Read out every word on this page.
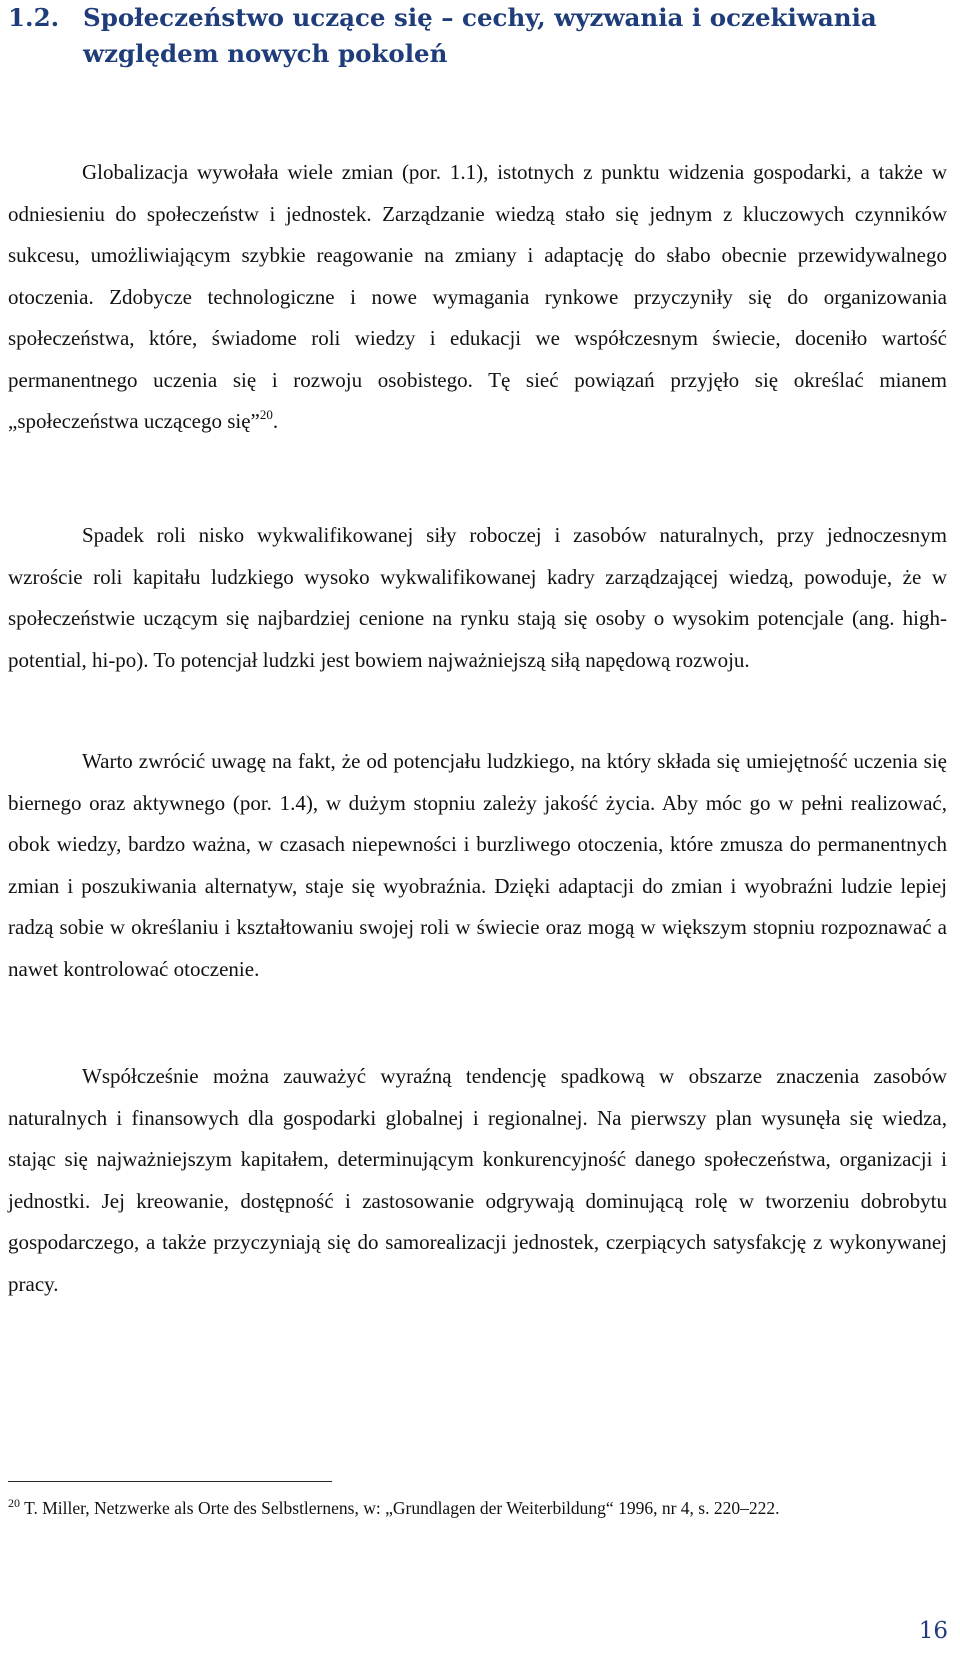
1.2. Społeczeństwo uczące się – cechy, wyzwania i oczekiwania
względem nowych pokoleń

Globalizacja wywołała wiele zmian (por. 1.1), istotnych z punktu widzenia gospodarki, a także w odniesieniu do społeczeństw i jednostek. Zarządzanie wiedzą stało się jednym z kluczowych czynników sukcesu, umożliwiającym szybkie reagowanie na zmiany i adaptację do słabo obecnie przewidywalnego otoczenia. Zdobycze technologiczne i nowe wymagania rynkowe przyczyniły się do organizowania społeczeństwa, które, świadome roli wiedzy i edukacji we współczesnym świecie, doceniło wartość permanentnego uczenia się i rozwoju osobistego. Tę sieć powiązań przyjęło się określać mianem „społeczeństwa uczącego się”$^{20}$.

Spadek roli nisko wykwalifikowanej siły roboczej i zasobów naturalnych, przy jednoczesnym wzroście roli kapitału ludzkiego wysoko wykwalifikowanej kadry zarządzającej wiedzą, powoduje, że w społeczeństwie uczącym się najbardziej cenione na rynku stają się osoby o wysokim potencjale (ang. high-potential, hi-po). To potencjał ludzki jest bowiem najważniejszą siłą napędową rozwoju.

Warto zwrócić uwagę na fakt, że od potencjału ludzkiego, na który składa się umiejętność uczenia się biernego oraz aktywnego (por. 1.4), w dużym stopniu zależy jakość życia. Aby móc go w pełni realizować, obok wiedzy, bardzo ważna, w czasach niepewności i burzliwego otoczenia, które zmusza do permanentnych zmian i poszukiwania alternatyw, staje się wyobraźnia. Dzięki adaptacji do zmian i wyobraźni ludzie lepiej radzą sobie w określaniu i kształtowaniu swojej roli w świecie oraz mogą w większym stopniu rozpoznawać a nawet kontrolować otoczenie.

Współcześnie można zauważyć wyraźną tendencję spadkową w obszarze znaczenia zasobów naturalnych i finansowych dla gospodarki globalnej i regionalnej. Na pierwszy plan wysunęła się wiedza, stając się najważniejszym kapitałem, determinującym konkurencyjność danego społeczeństwa, organizacji i jednostki. Jej kreowanie, dostępność i zastosowanie odgrywają dominującą rolę w tworzeniu dobrobytu gospodarczego, a także przyczyniają się do samorealizacji jednostek, czerpiących satysfakcję z wykonywanej pracy.

$^{20}$ T. Miller, Netzwerke als Orte des Selbstlernens, w: „Grundlagen der Weiterbildung“ 1996, nr 4, s. 220–222.

16
